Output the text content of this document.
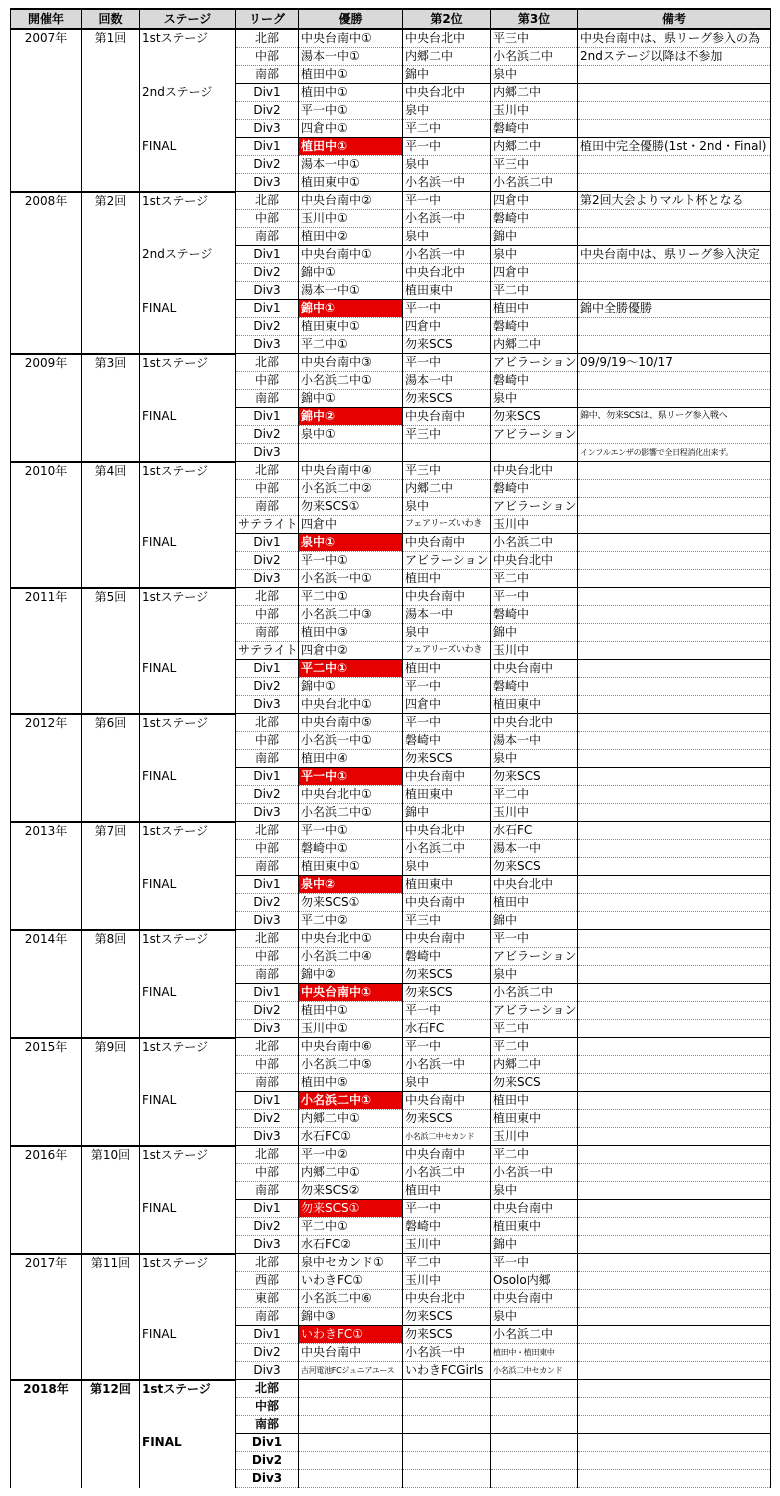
開催年	回数	ステージ	リーグ	優勝	第2位	第3位	備考
2007年	第1回	1stステージ	北部	中央台南中①	中央台北中	平三中	中央台南中は、県リーグ参入の為
			中部	湯本一中①	内郷二中	小名浜二中	2ndステージ以降は不参加
			南部	植田中①	錦中	泉中	
		2ndステージ	Div1	植田中①	中央台北中	内郷二中	
			Div2	平一中①	泉中	玉川中	
			Div3	四倉中①	平二中	磐崎中	
		FINAL	Div1	植田中①	平一中	内郷二中	植田中完全優勝(1st・2nd・Final)
			Div2	湯本一中①	泉中	平三中	
			Div3	植田東中①	小名浜一中	小名浜二中	
2008年	第2回	1stステージ	北部	中央台南中②	平一中	四倉中	第2回大会よりマルト杯となる
			中部	玉川中①	小名浜一中	磐崎中	
			南部	植田中②	泉中	錦中	
		2ndステージ	Div1	中央台南中①	小名浜一中	泉中	中央台南中は、県リーグ参入決定
			Div2	錦中①	中央台北中	四倉中	
			Div3	湯本一中①	植田東中	平二中	
		FINAL	Div1	錦中①	平一中	植田中	錦中全勝優勝
			Div2	植田東中①	四倉中	磐崎中	
			Div3	平二中①	勿来SCS	内郷二中	
2009年	第3回	1stステージ	北部	中央台南中③	平一中	アビラーション	09/9/19～10/17
			中部	小名浜二中①	湯本一中	磐崎中	
			南部	錦中①	勿来SCS	泉中	
		FINAL	Div1	錦中②	中央台南中	勿来SCS	錦中、勿来SCSは、県リーグ参入戦へ
			Div2	泉中①	平三中	アビラーション	
			Div3				インフルエンザの影響で全日程消化出来ず。
2010年	第4回	1stステージ	北部	中央台南中④	平三中	中央台北中	
			中部	小名浜二中②	内郷二中	磐崎中	
			南部	勿来SCS①	泉中	アビラーション	
			サテライト	四倉中	フェアリーズいわき	玉川中	
		FINAL	Div1	泉中①	中央台南中	小名浜二中	
			Div2	平一中①	アビラーション	中央台北中	
			Div3	小名浜一中①	植田中	平二中	
2011年	第5回	1stステージ	北部	平二中①	中央台南中	平一中	
			中部	小名浜二中③	湯本一中	磐崎中	
			南部	植田中③	泉中	錦中	
			サテライト	四倉中②	フェアリーズいわき	玉川中	
		FINAL	Div1	平二中①	植田中	中央台南中	
			Div2	錦中①	平一中	磐崎中	
			Div3	中央台北中①	四倉中	植田東中	
2012年	第6回	1stステージ	北部	中央台南中⑤	平一中	中央台北中	
			中部	小名浜一中①	磐崎中	湯本一中	
			南部	植田中④	勿来SCS	泉中	
		FINAL	Div1	平一中①	中央台南中	勿来SCS	
			Div2	中央台北中①	植田東中	平二中	
			Div3	小名浜二中①	錦中	玉川中	
2013年	第7回	1stステージ	北部	平一中①	中央台北中	水石FC	
			中部	磐崎中①	小名浜二中	湯本一中	
			南部	植田東中①	泉中	勿来SCS	
		FINAL	Div1	泉中②	植田東中	中央台北中	
			Div2	勿来SCS①	中央台南中	植田中	
			Div3	平二中②	平三中	錦中	
2014年	第8回	1stステージ	北部	中央台北中①	中央台南中	平一中	
			中部	小名浜二中④	磐崎中	アビラーション	
			南部	錦中②	勿来SCS	泉中	
		FINAL	Div1	中央台南中①	勿来SCS	小名浜二中	
			Div2	植田中①	平一中	アビラーション	
			Div3	玉川中①	水石FC	平二中	
2015年	第9回	1stステージ	北部	中央台南中⑥	平一中	平二中	
			中部	小名浜二中⑤	小名浜一中	内郷二中	
			南部	植田中⑤	泉中	勿来SCS	
		FINAL	Div1	小名浜二中①	中央台南中	植田中	
			Div2	内郷二中①	勿来SCS	植田東中	
			Div3	水石FC①	小名浜二中セカンド	玉川中	
2016年	第10回	1stステージ	北部	平一中②	中央台南中	平二中	
			中部	内郷二中①	小名浜二中	小名浜一中	
			南部	勿来SCS②	植田中	泉中	
		FINAL	Div1	勿来SCS①	平一中	中央台南中	
			Div2	平二中①	磐崎中	植田東中	
			Div3	水石FC②	玉川中	錦中	
2017年	第11回	1stステージ	北部	泉中セカンド①	平二中	平一中	
			西部	いわきFC①	玉川中	Osolo内郷	
			東部	小名浜二中⑥	中央台北中	中央台南中	
			南部	錦中③	勿来SCS	泉中	
		FINAL	Div1	いわきFC①	勿来SCS	小名浜二中	
			Div2	中央台南中	小名浜一中	植田中・植田東中	
			Div3	古河電池FCジュニアユース	いわきFCGirls	小名浜二中セカンド	
2018年	第12回	1stステージ	北部				
			中部				
			南部				
		FINAL	Div1				
			Div2				
			Div3				
